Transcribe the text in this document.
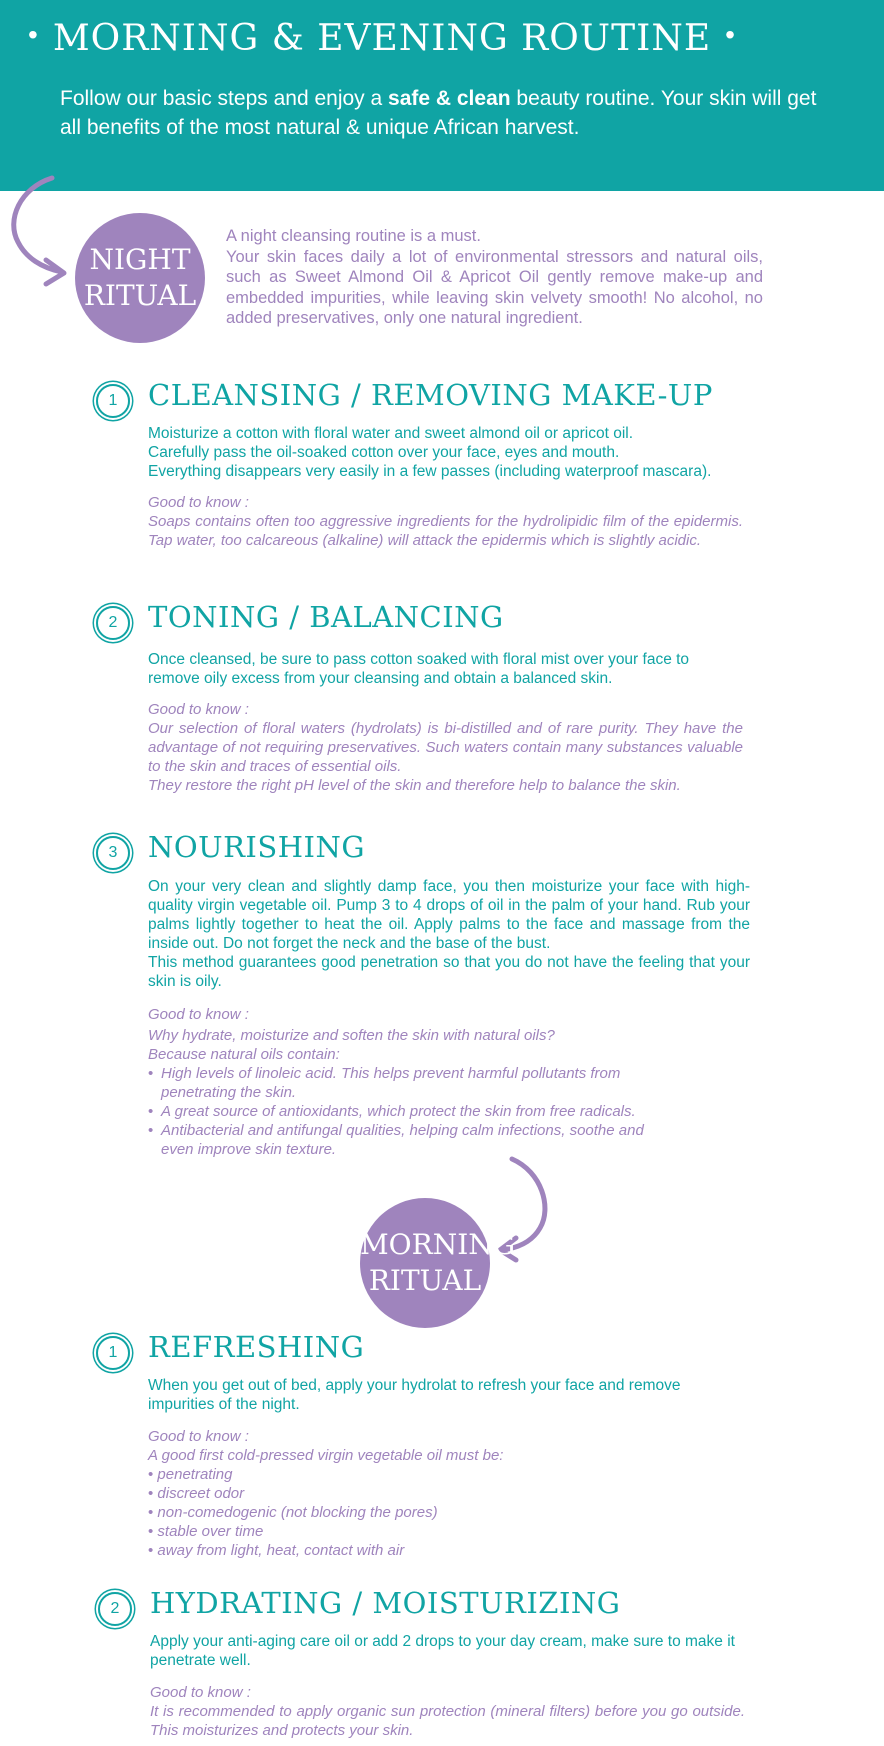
• MORNING & EVENING ROUTINE •
Follow our basic steps and enjoy a safe & clean beauty routine. Your skin will get all benefits of the most natural & unique African harvest.
NIGHT
RITUAL
A night cleansing routine is a must.
Your skin faces daily a lot of environmental stressors and natural oils, such as Sweet Almond Oil & Apricot Oil gently remove make-up and embedded impurities, while leaving skin velvety smooth! No alcohol, no added preservatives, only one natural ingredient.
1	CLEANSING / REMOVING MAKE-UP
Moisturize a cotton with floral water and sweet almond oil or apricot oil.
Carefully pass the oil-soaked cotton over your face, eyes and mouth.
Everything disappears very easily in a few passes (including waterproof mascara).

Good to know :

Soaps contains often too aggressive ingredients for the hydrolipidic film of the epidermis. Tap water, too calcareous (alkaline) will attack the epidermis which is slightly acidic.

2	TONING / BALANCING
Once cleansed, be sure to pass cotton soaked with floral mist over your face to remove oily excess from your cleansing and obtain a balanced skin.

Good to know :

Our selection of floral waters (hydrolats) is bi-distilled and of rare purity. They have the advantage of not requiring preservatives. Such waters contain many substances valuable to the skin and traces of essential oils.

They restore the right pH level of the skin and therefore help to balance the skin.

3	NOURISHING
On your very clean and slightly damp face, you then moisturize your face with high-quality virgin vegetable oil. Pump 3 to 4 drops of oil in the palm of your hand. Rub your palms lightly together to heat the oil. Apply palms to the face and massage from the inside out. Do not forget the neck and the base of the bust.
This method guarantees good penetration so that you do not have the feeling that your skin is oily.

Good to know :

Why hydrate, moisturize and soften the skin with natural oils?

Because natural oils contain:

• High levels of linoleic acid. This helps prevent harmful pollutants from penetrating the skin.
• A great source of antioxidants, which protect the skin from free radicals.
• Antibacterial and antifungal qualities, helping calm infections, soothe and even improve skin texture.
MORNING
RITUAL
1	REFRESHING
When you get out of bed, apply your hydrolat to refresh your face and remove impurities of the night.

Good to know :

A good first cold-pressed virgin vegetable oil must be:

• penetrating
• discreet odor
• non-comedogenic (not blocking the pores)
• stable over time
• away from light, heat, contact with air
2	HYDRATING / MOISTURIZING
Apply your anti-aging care oil or add 2 drops to your day cream, make sure to make it penetrate well.

Good to know :

It is recommended to apply organic sun protection (mineral filters) before you go outside. This moisturizes and protects your skin.
